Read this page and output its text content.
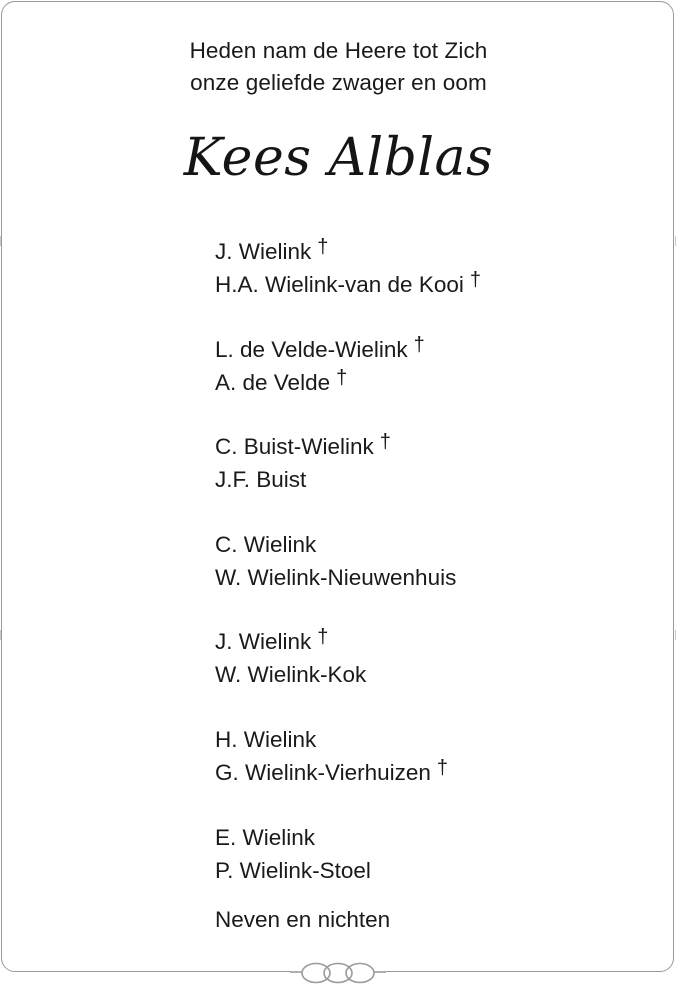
Heden nam de Heere tot Zich
onze geliefde zwager en oom
Kees Alblas
J. Wielink †
H.A. Wielink-van de Kooi †
L. de Velde-Wielink †
A. de Velde †
C. Buist-Wielink †
J.F. Buist
C. Wielink
W. Wielink-Nieuwenhuis
J. Wielink †
W. Wielink-Kok
H. Wielink
G. Wielink-Vierhuizen †
E. Wielink
P. Wielink-Stoel
Neven en nichten
